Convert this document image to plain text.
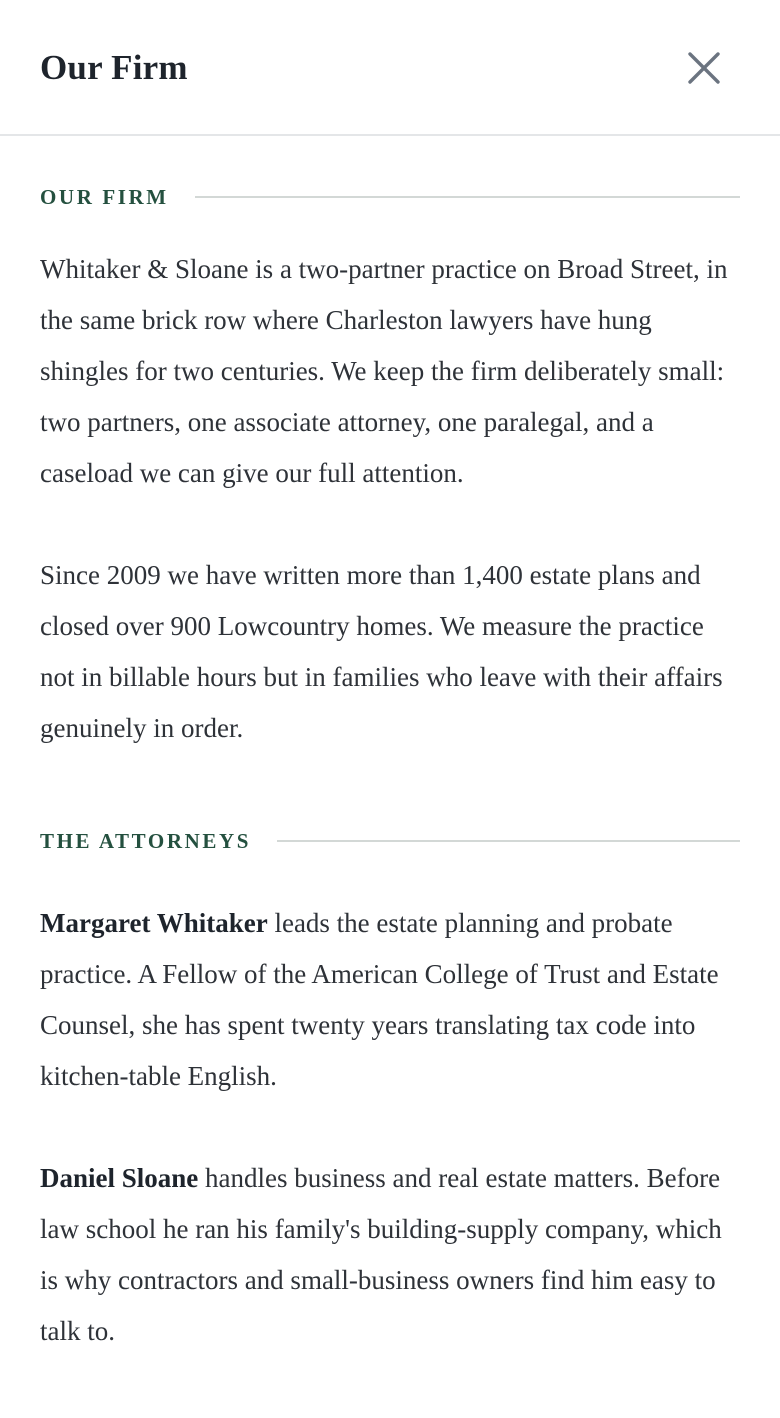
Our Firm
OUR FIRM

Whitaker & Sloane is a two-partner practice on Broad Street, in the same brick row where Charleston lawyers have hung shingles for two centuries. We keep the firm deliberately small: two partners, one associate attorney, one paralegal, and a caseload we can give our full attention.

Since 2009 we have written more than 1,400 estate plans and closed over 900 Lowcountry homes. We measure the practice not in billable hours but in families who leave with their affairs genuinely in order.

THE ATTORNEYS

Margaret Whitaker leads the estate planning and probate practice. A Fellow of the American College of Trust and Estate Counsel, she has spent twenty years translating tax code into kitchen-table English.

Daniel Sloane handles business and real estate matters. Before law school he ran his family's building-supply company, which is why contractors and small-business owners find him easy to talk to.
